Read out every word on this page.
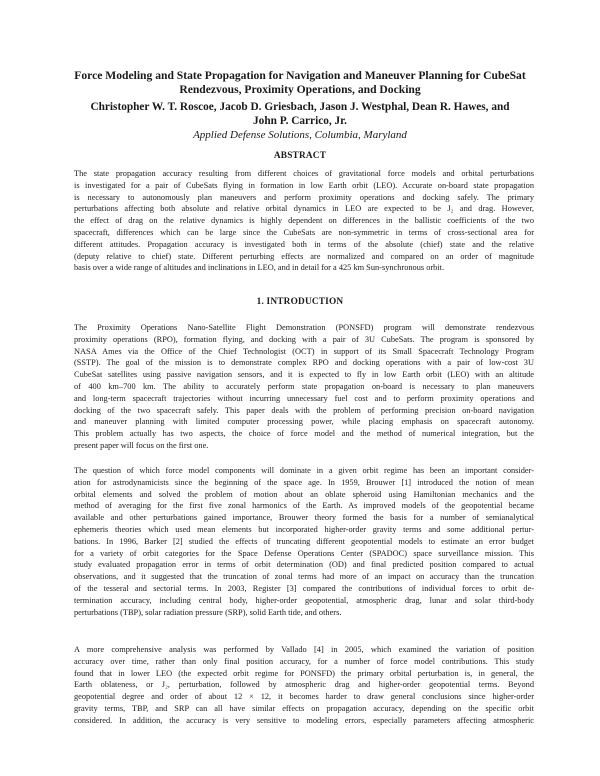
Force Modeling and State Propagation for Navigation and Maneuver Planning for CubeSat
Rendezvous, Proximity Operations, and Docking
Christopher W. T. Roscoe, Jacob D. Griesbach, Jason J. Westphal, Dean R. Hawes, and
John P. Carrico, Jr.
Applied Defense Solutions, Columbia, Maryland
ABSTRACT
The state propagation accuracy resulting from different choices of gravitational force models and orbital perturbations
is investigated for a pair of CubeSats flying in formation in low Earth orbit (LEO). Accurate on-board state propagation
is necessary to autonomously plan maneuvers and perform proximity operations and docking safely. The primary
perturbations affecting both absolute and relative orbital dynamics in LEO are expected to be J₂ and drag. However,
the effect of drag on the relative dynamics is highly dependent on differences in the ballistic coefficients of the two
spacecraft, differences which can be large since the CubeSats are non-symmetric in terms of cross-sectional area for
different attitudes. Propagation accuracy is investigated both in terms of the absolute (chief) state and the relative
(deputy relative to chief) state. Different perturbing effects are normalized and compared on an order of magnitude
basis over a wide range of altitudes and inclinations in LEO, and in detail for a 425 km Sun-synchronous orbit.
1. INTRODUCTION
The Proximity Operations Nano-Satellite Flight Demonstration (PONSFD) program will demonstrate rendezvous
proximity operations (RPO), formation flying, and docking with a pair of 3U CubeSats. The program is sponsored by
NASA Ames via the Office of the Chief Technologist (OCT) in support of its Small Spacecraft Technology Program
(SSTP). The goal of the mission is to demonstrate complex RPO and docking operations with a pair of low-cost 3U
CubeSat satellites using passive navigation sensors, and it is expected to fly in low Earth orbit (LEO) with an altitude
of 400 km–700 km. The ability to accurately perform state propagation on-board is necessary to plan maneuvers
and long-term spacecraft trajectories without incurring unnecessary fuel cost and to perform proximity operations and
docking of the two spacecraft safely. This paper deals with the problem of performing precision on-board navigation
and maneuver planning with limited computer processing power, while placing emphasis on spacecraft autonomy.
This problem actually has two aspects, the choice of force model and the method of numerical integration, but the
present paper will focus on the first one.
The question of which force model components will dominate in a given orbit regime has been an important consider-
ation for astrodynamicists since the beginning of the space age. In 1959, Brouwer [1] introduced the notion of mean
orbital elements and solved the problem of motion about an oblate spheroid using Hamiltonian mechanics and the
method of averaging for the first five zonal harmonics of the Earth. As improved models of the geopotential became
available and other perturbations gained importance, Brouwer theory formed the basis for a number of semianalytical
ephemeris theories which used mean elements but incorporated higher-order gravity terms and some additional pertur-
bations. In 1996, Barker [2] studied the effects of truncating different geopotential models to estimate an error budget
for a variety of orbit categories for the Space Defense Operations Center (SPADOC) space surveillance mission. This
study evaluated propagation error in terms of orbit determination (OD) and final predicted position compared to actual
observations, and it suggested that the truncation of zonal terms had more of an impact on accuracy than the truncation
of the tesseral and sectorial terms. In 2003, Register [3] compared the contributions of individual forces to orbit de-
termination accuracy, including central body, higher-order geopotential, atmospheric drag, lunar and solar third-body
perturbations (TBP), solar radiation pressure (SRP), solid Earth tide, and others.
A more comprehensive analysis was performed by Vallado [4] in 2005, which examined the variation of position
accuracy over time, rather than only final position accuracy, for a number of force model contributions. This study
found that in lower LEO (the expected orbit regime for PONSFD) the primary orbital perturbation is, in general, the
Earth oblateness, or J₂, perturbation, followed by atmospheric drag and higher-order geopotential terms. Beyond
geopotential degree and order of about 12 × 12, it becomes harder to draw general conclusions since higher-order
gravity terms, TBP, and SRP can all have similar effects on propagation accuracy, depending on the specific orbit
considered. In addition, the accuracy is very sensitive to modeling errors, especially parameters affecting atmospheric
